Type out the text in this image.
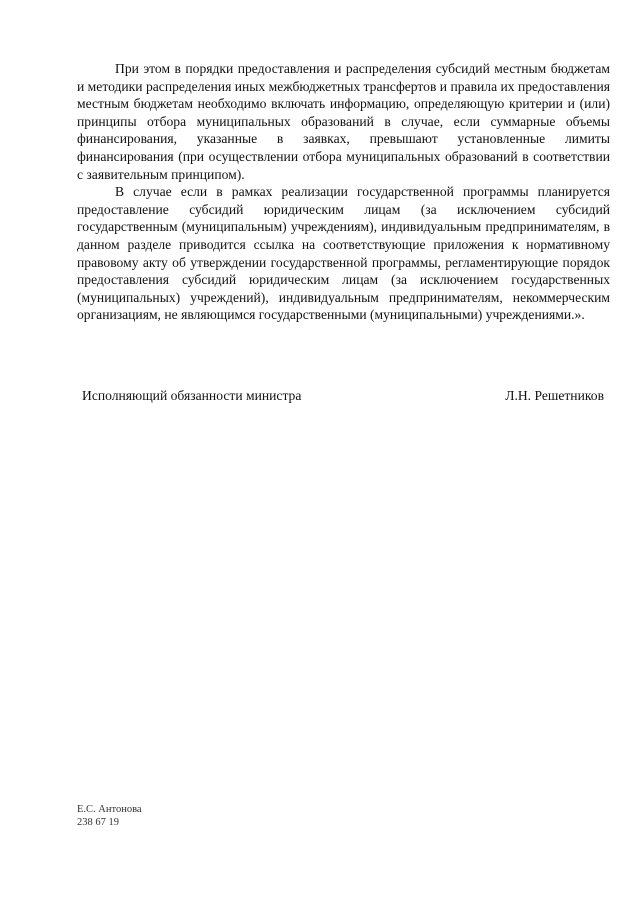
При этом в порядки предоставления и распределения субсидий местным бюджетам и методики распределения иных межбюджетных трансфертов и правила их предоставления местным бюджетам необходимо включать информацию, определяющую критерии и (или) принципы отбора муниципальных образований в случае, если суммарные объемы финансирования, указанные в заявках, превышают установленные лимиты финансирования (при осуществлении отбора муниципальных образований в соответствии с заявительным принципом).

В случае если в рамках реализации государственной программы планируется предоставление субсидий юридическим лицам (за исключением субсидий государственным (муниципальным) учреждениям), индивидуальным предпринимателям, в данном разделе приводится ссылка на соответствующие приложения к нормативному правовому акту об утверждении государственной программы, регламентирующие порядок предоставления субсидий юридическим лицам (за исключением государственных (муниципальных) учреждений), индивидуальным предпринимателям, некоммерческим организациям, не являющимся государственными (муниципальными) учреждениями.».

Исполняющий обязанности министра	Л.Н. Решетников
Е.С. Антонова
238 67 19
